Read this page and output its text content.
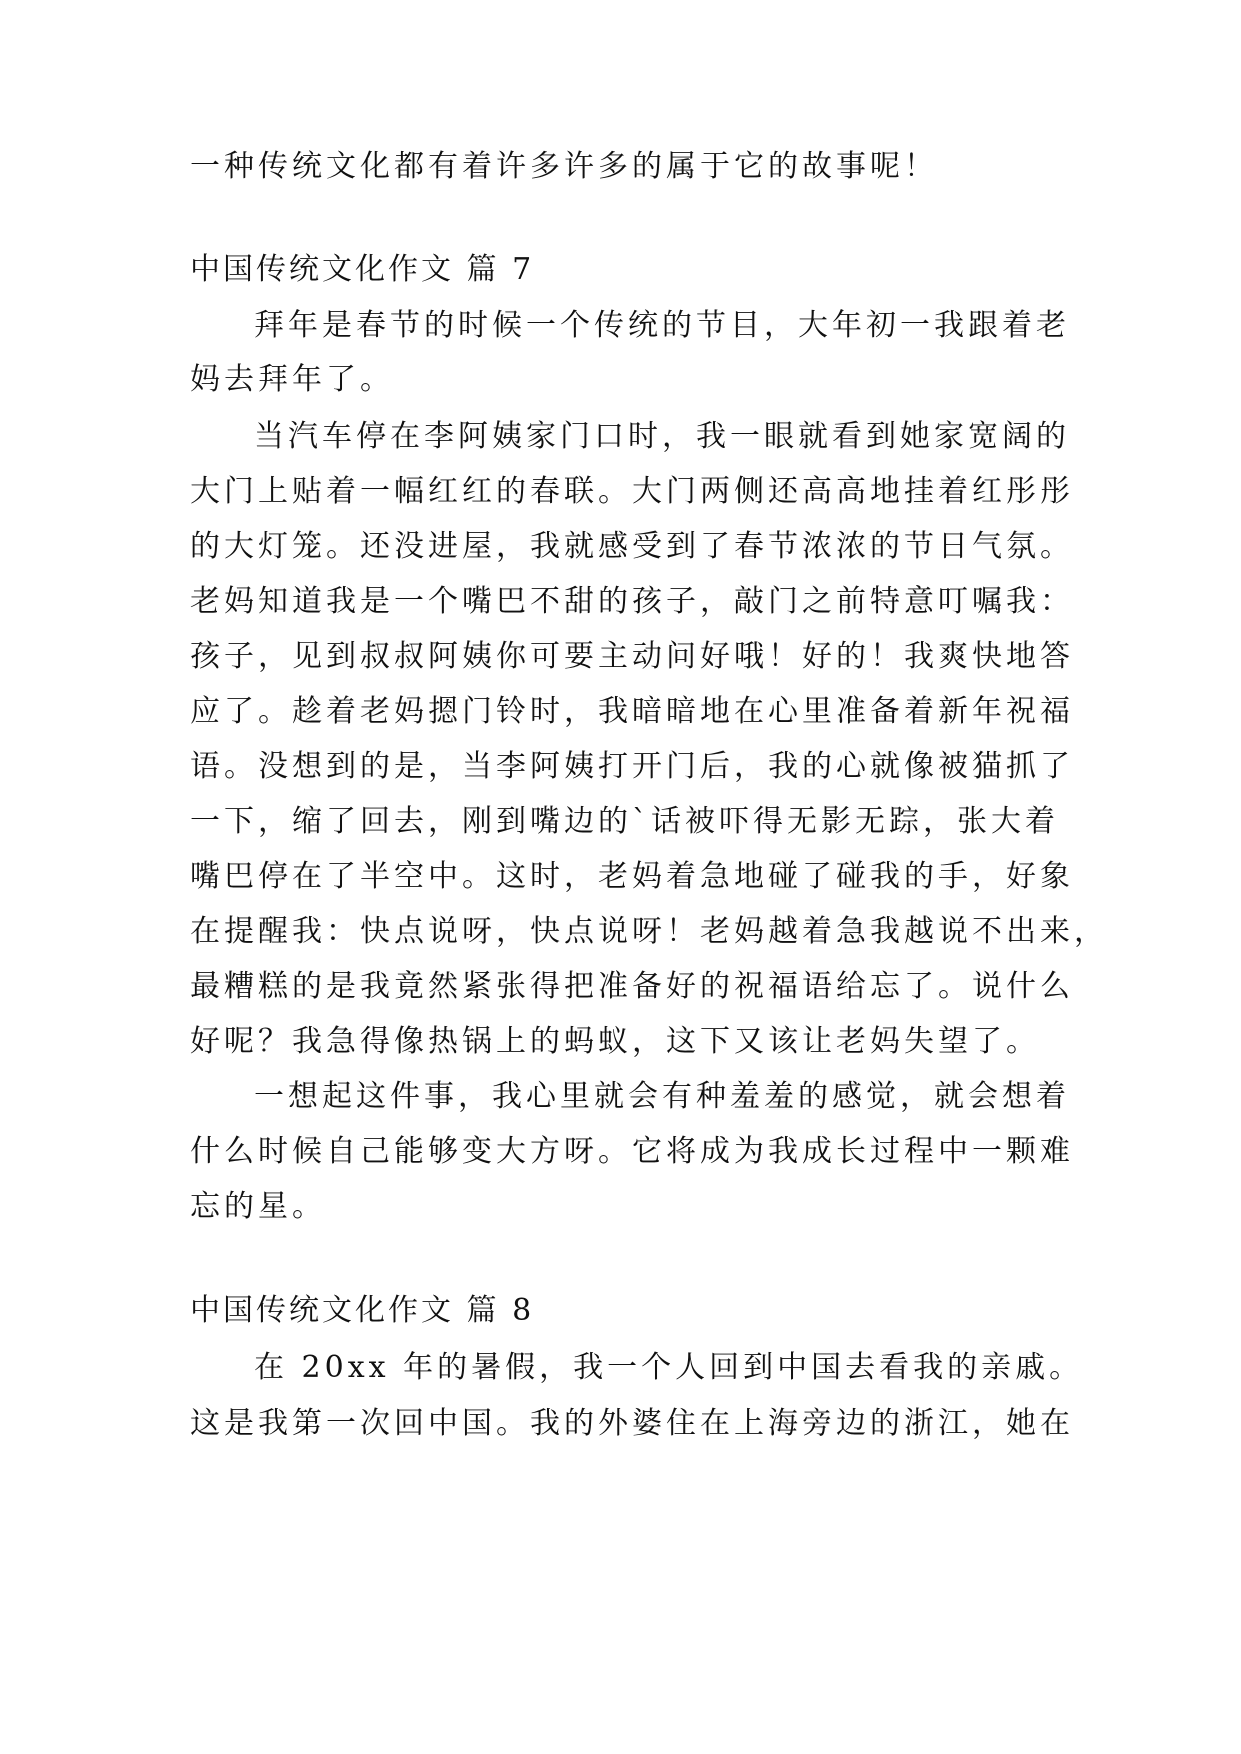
一种传统文化都有着许多许多的属于它的故事呢！
中国传统文化作文 篇 7
拜年是春节的时候一个传统的节目，大年初一我跟着老
妈去拜年了。
当汽车停在李阿姨家门口时，我一眼就看到她家宽阔的
大门上贴着一幅红红的春联。大门两侧还高高地挂着红彤彤
的大灯笼。还没进屋，我就感受到了春节浓浓的节日气氛。
老妈知道我是一个嘴巴不甜的孩子，敲门之前特意叮嘱我：
孩子，见到叔叔阿姨你可要主动问好哦！好的！我爽快地答
应了。趁着老妈摁门铃时，我暗暗地在心里准备着新年祝福
语。没想到的是，当李阿姨打开门后，我的心就像被猫抓了
一下，缩了回去，刚到嘴边的`话被吓得无影无踪，张大着
嘴巴停在了半空中。这时，老妈着急地碰了碰我的手，好象
在提醒我：快点说呀，快点说呀！老妈越着急我越说不出来，
最糟糕的是我竟然紧张得把准备好的祝福语给忘了。说什么
好呢？我急得像热锅上的蚂蚁，这下又该让老妈失望了。
一想起这件事，我心里就会有种羞羞的感觉，就会想着
什么时候自己能够变大方呀。它将成为我成长过程中一颗难
忘的星。
中国传统文化作文 篇 8
在 20xx 年的暑假，我一个人回到中国去看我的亲戚。
这是我第一次回中国。我的外婆住在上海旁边的浙江，她在
